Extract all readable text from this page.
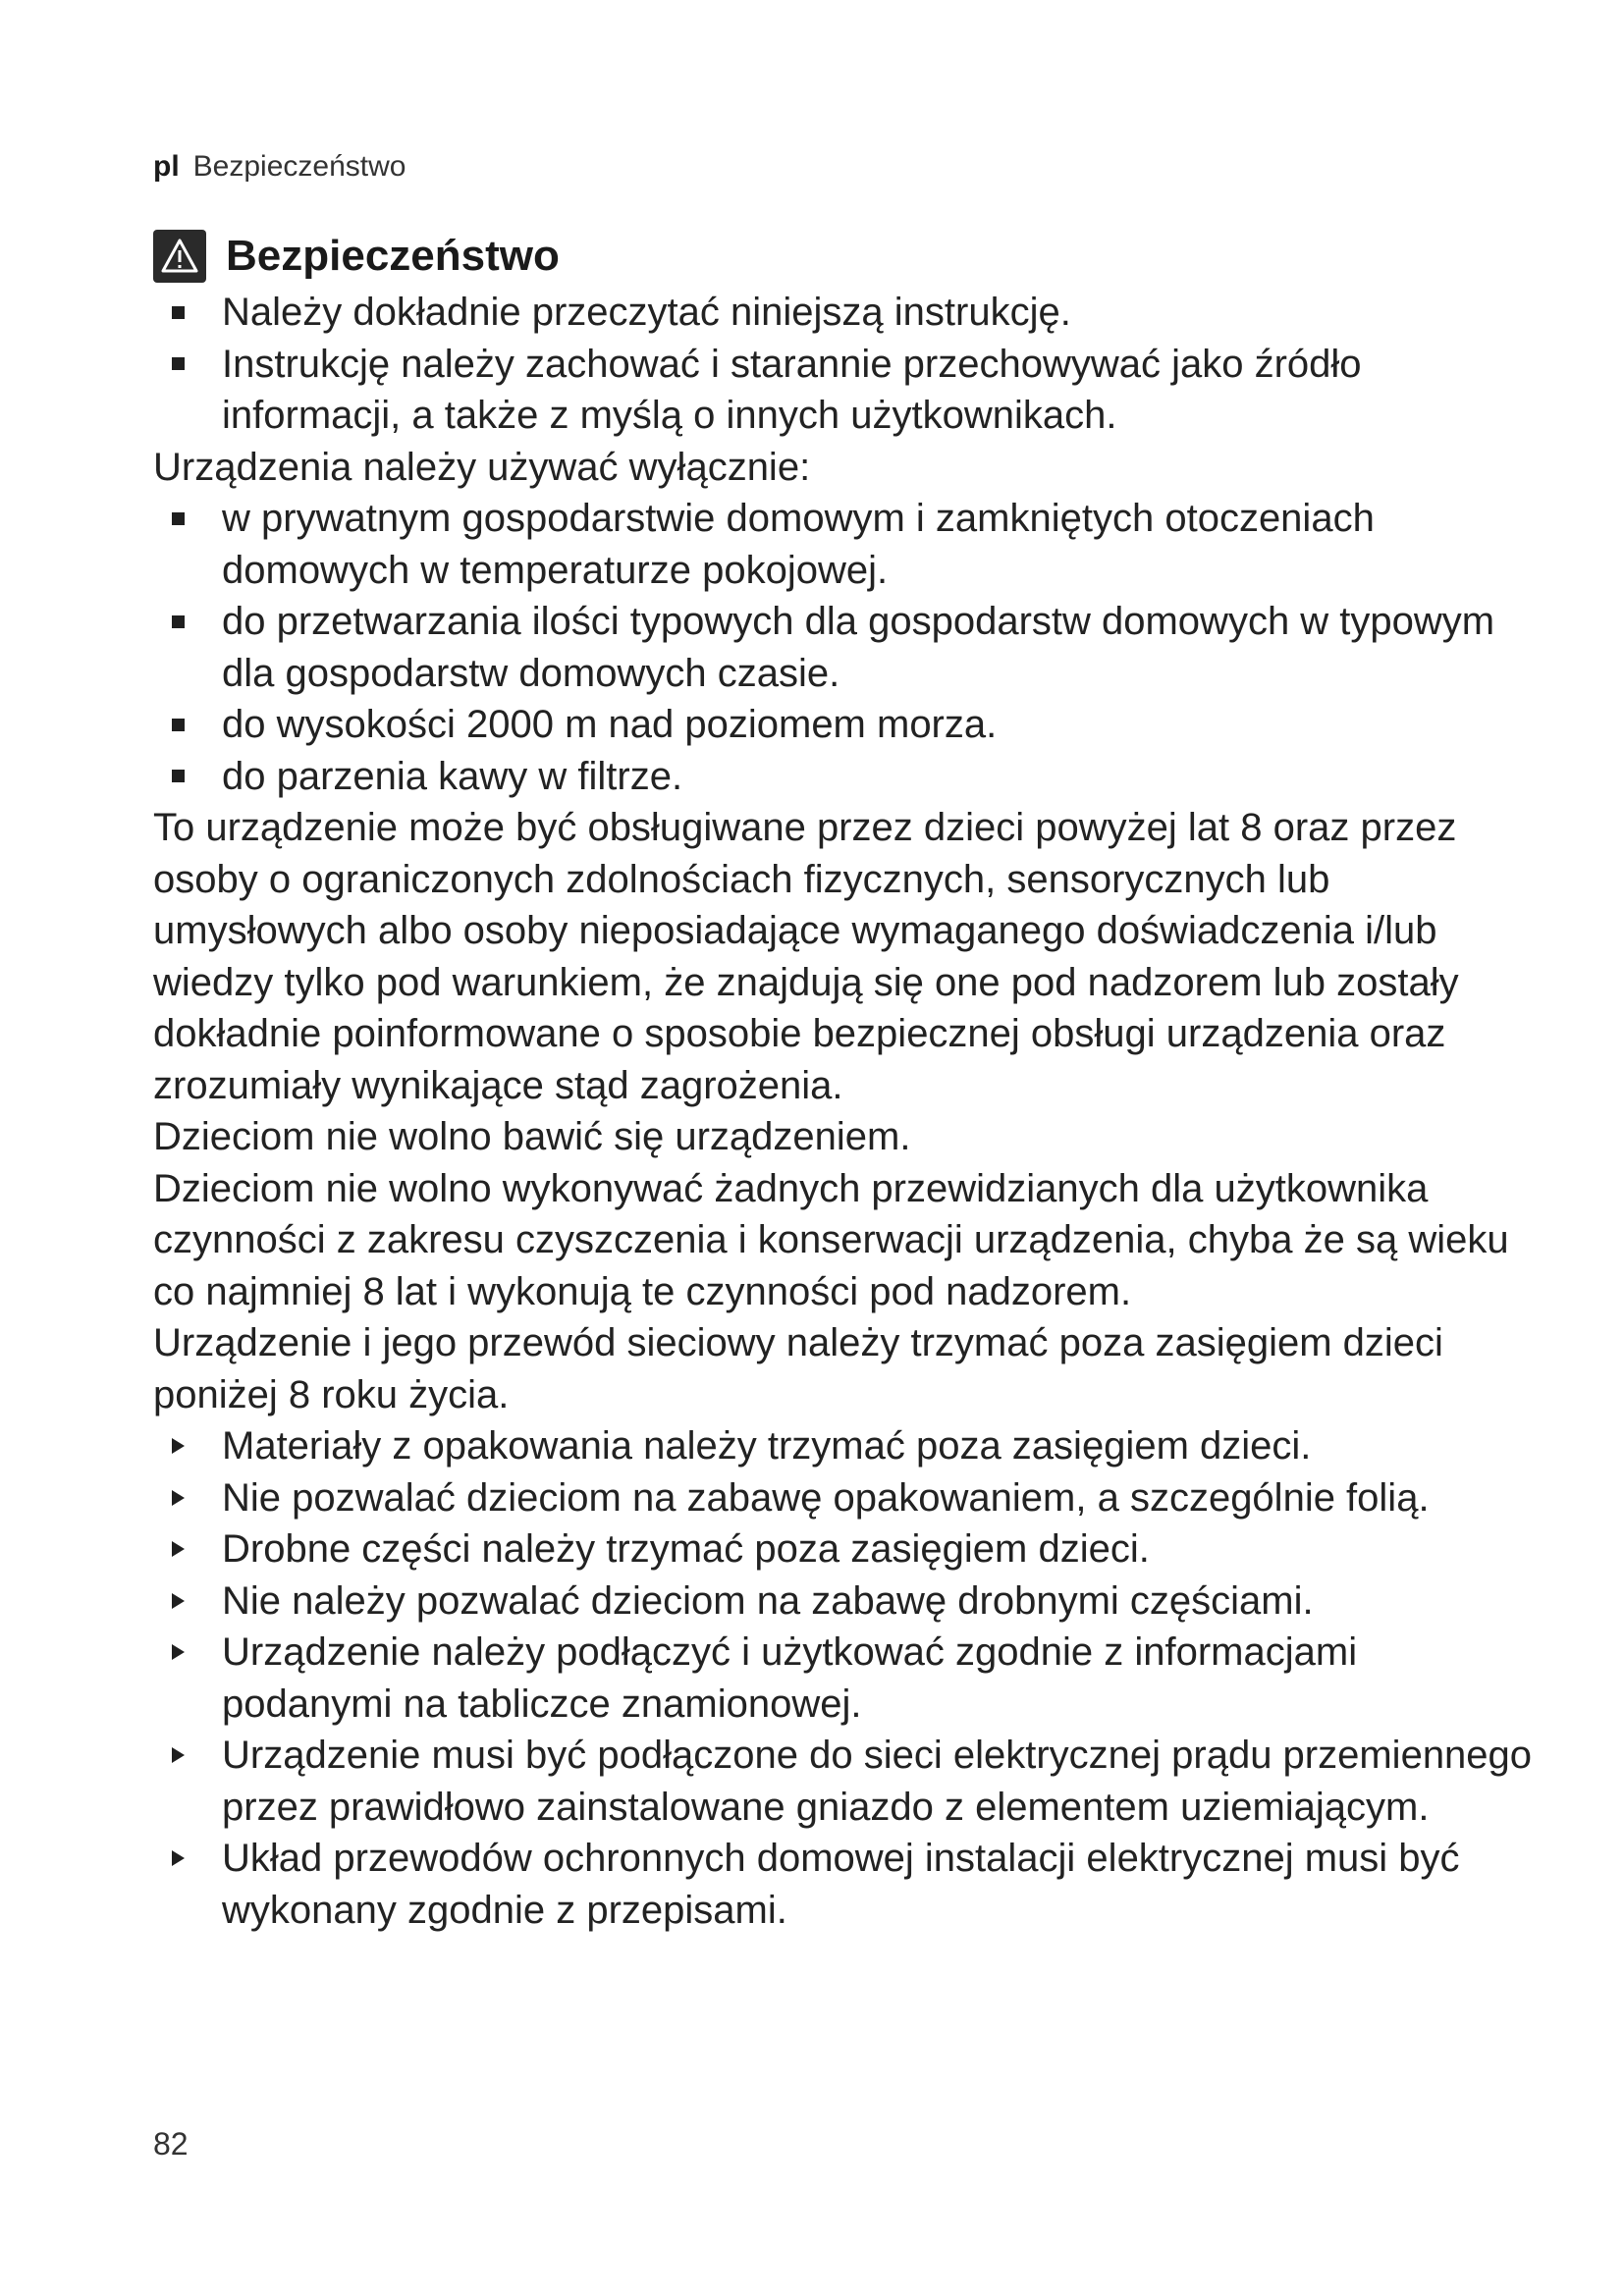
pl Bezpieczeństwo
Bezpieczeństwo
Należy dokładnie przeczytać niniejszą instrukcję.
Instrukcję należy zachować i starannie przechowywać jako źródło informacji, a także z myślą o innych użytkownikach.

Urządzenia należy używać wyłącznie:

w prywatnym gospodarstwie domowym i zamkniętych otoczeniach domowych w temperaturze pokojowej.
do przetwarzania ilości typowych dla gospodarstw domowych w typowym dla gospodarstw domowych czasie.
do wysokości 2000 m nad poziomem morza.
do parzenia kawy w filtrze.

To urządzenie może być obsługiwane przez dzieci powyżej lat 8 oraz przez osoby o ograniczonych zdolnościach fizycznych, sensorycznych lub umysłowych albo osoby nieposiadające wymaganego doświadczenia i/lub wiedzy tylko pod warunkiem, że znajdują się one pod nadzorem lub zostały dokładnie poinformowane o sposobie bezpiecznej obsługi urządzenia oraz zrozumiały wynikające stąd zagrożenia.

Dzieciom nie wolno bawić się urządzeniem.

Dzieciom nie wolno wykonywać żadnych przewidzianych dla użytkownika czynności z zakresu czyszczenia i konserwacji urządzenia, chyba że są wieku co najmniej 8 lat i wykonują te czynności pod nadzorem.

Urządzenie i jego przewód sieciowy należy trzymać poza zasięgiem dzieci poniżej 8 roku życia.

Materiały z opakowania należy trzymać poza zasięgiem dzieci.
Nie pozwalać dzieciom na zabawę opakowaniem, a szczególnie folią.
Drobne części należy trzymać poza zasięgiem dzieci.
Nie należy pozwalać dzieciom na zabawę drobnymi częściami.
Urządzenie należy podłączyć i użytkować zgodnie z informacjami podanymi na tabliczce znamionowej.
Urządzenie musi być podłączone do sieci elektrycznej prądu przemiennego przez prawidłowo zainstalowane gniazdo z elementem uziemiającym.
Układ przewodów ochronnych domowej instalacji elektrycznej musi być wykonany zgodnie z przepisami.
82
